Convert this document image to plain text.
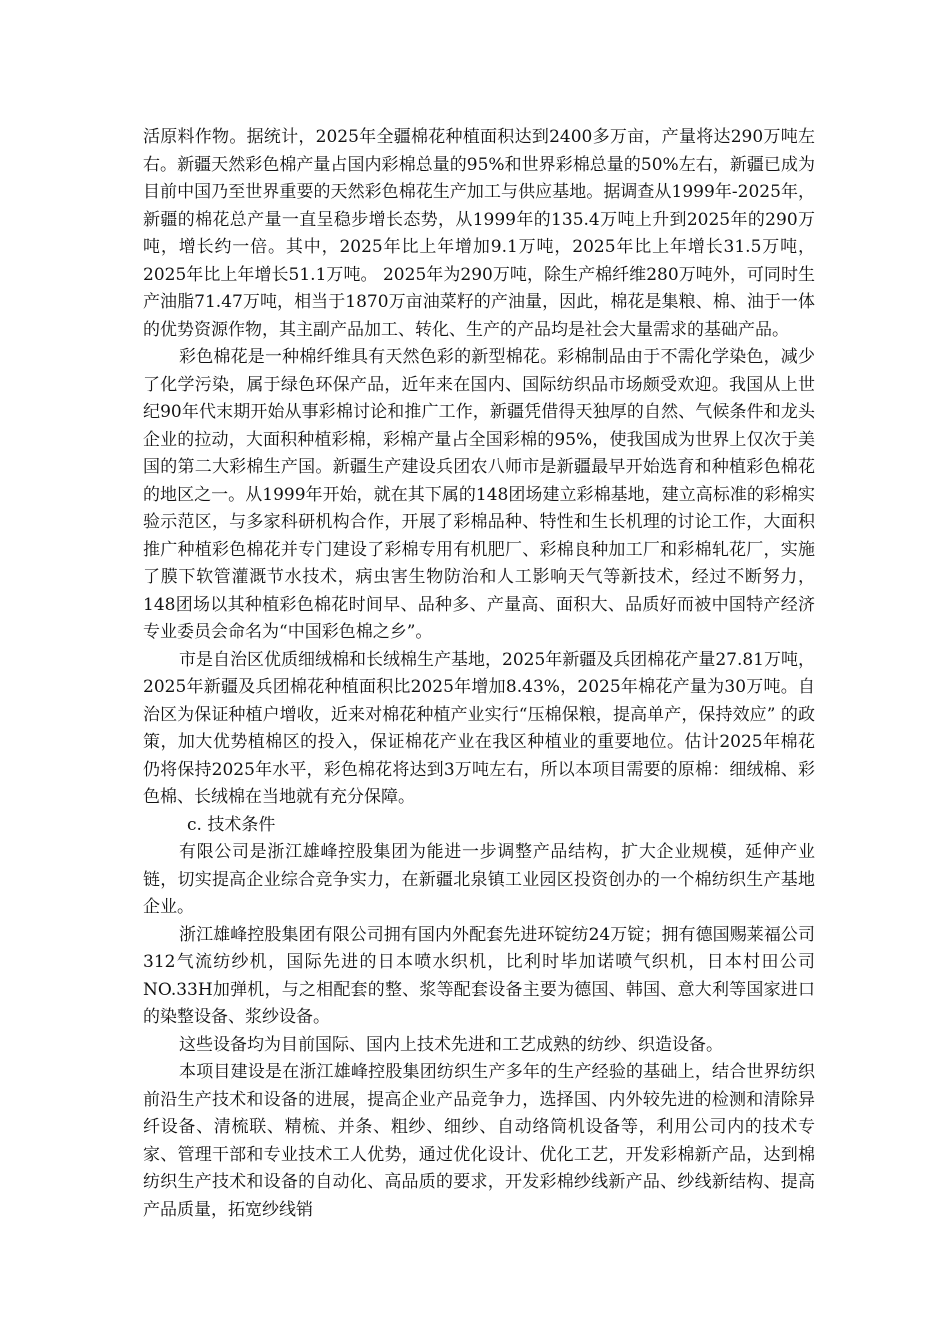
活原料作物。据统计，2025年全疆棉花种植面积达到2400多万亩，产量将达290万吨左右。新疆天然彩色棉产量占国内彩棉总量的95%和世界彩棉总量的50%左右，新疆已成为目前中国乃至世界重要的天然彩色棉花生产加工与供应基地。据调查从1999年-2025年，新疆的棉花总产量一直呈稳步增长态势，从1999年的135.4万吨上升到2025年的290万吨，增长约一倍。其中，2025年比上年增加9.1万吨，2025年比上年增长31.5万吨，2025年比上年增长51.1万吨。 2025年为290万吨，除生产棉纤维280万吨外，可同时生产油脂71.47万吨，相当于1870万亩油菜籽的产油量，因此，棉花是集粮、棉、油于一体的优势资源作物，其主副产品加工、转化、生产的产品均是社会大量需求的基础产品。

彩色棉花是一种棉纤维具有天然色彩的新型棉花。彩棉制品由于不需化学染色，减少了化学污染，属于绿色环保产品，近年来在国内、国际纺织品市场颇受欢迎。我国从上世纪90年代末期开始从事彩棉讨论和推广工作，新疆凭借得天独厚的自然、气候条件和龙头企业的拉动，大面积种植彩棉，彩棉产量占全国彩棉的95%，使我国成为世界上仅次于美国的第二大彩棉生产国。新疆生产建设兵团农八师市是新疆最早开始选育和种植彩色棉花的地区之一。从1999年开始，就在其下属的148团场建立彩棉基地，建立高标准的彩棉实验示范区，与多家科研机构合作，开展了彩棉品种、特性和生长机理的讨论工作，大面积推广种植彩色棉花并专门建设了彩棉专用有机肥厂、彩棉良种加工厂和彩棉轧花厂，实施了膜下软管灌溉节水技术，病虫害生物防治和人工影响天气等新技术，经过不断努力，148团场以其种植彩色棉花时间早、品种多、产量高、面积大、品质好而被中国特产经济专业委员会命名为“中国彩色棉之乡”。

市是自治区优质细绒棉和长绒棉生产基地，2025年新疆及兵团棉花产量27.81万吨，2025年新疆及兵团棉花种植面积比2025年增加8.43%，2025年棉花产量为30万吨。自治区为保证种植户增收，近来对棉花种植产业实行“压棉保粮，提高单产，保持效应” 的政策，加大优势植棉区的投入，保证棉花产业在我区种植业的重要地位。估计2025年棉花仍将保持2025年水平，彩色棉花将达到3万吨左右，所以本项目需要的原棉：细绒棉、彩色棉、长绒棉在当地就有充分保障。

c. 技术条件

有限公司是浙江雄峰控股集团为能进一步调整产品结构，扩大企业规模，延伸产业链，切实提高企业综合竞争实力，在新疆北泉镇工业园区投资创办的一个棉纺织生产基地企业。

浙江雄峰控股集团有限公司拥有国内外配套先进环锭纺24万锭；拥有德国赐莱福公司312气流纺纱机，国际先进的日本喷水织机，比利时毕加诺喷气织机，日本村田公司NO.33H加弹机，与之相配套的整、浆等配套设备主要为德国、韩国、意大利等国家进口的染整设备、浆纱设备。

这些设备均为目前国际、国内上技术先进和工艺成熟的纺纱、织造设备。

本项目建设是在浙江雄峰控股集团纺织生产多年的生产经验的基础上，结合世界纺织前沿生产技术和设备的进展，提高企业产品竞争力，选择国、内外较先进的检测和清除异纤设备、清梳联、精梳、并条、粗纱、细纱、自动络筒机设备等，利用公司内的技术专家、管理干部和专业技术工人优势，通过优化设计、优化工艺，开发彩棉新产品，达到棉纺织生产技术和设备的自动化、高品质的要求，开发彩棉纱线新产品、纱线新结构、提高产品质量，拓宽纱线销
